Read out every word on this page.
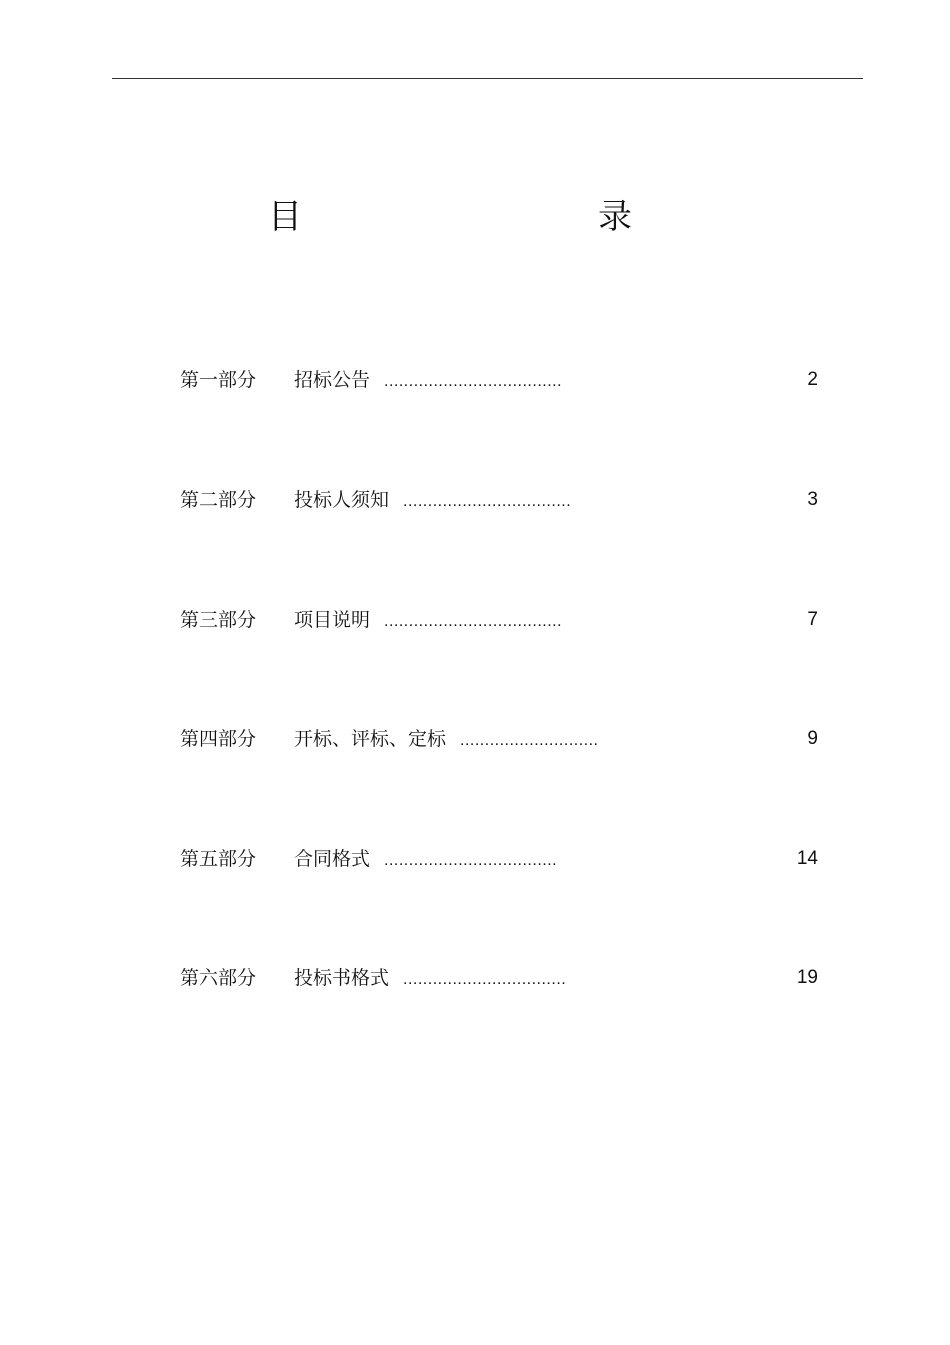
目　　录
第一部分 招标公告 ....................................	2
第二部分 投标人须知 ..................................	3
第三部分 项目说明 ....................................	7
第四部分 开标、评标、定标 ............................	9
第五部分 合同格式 ...................................	14
第六部分 投标书格式 .................................	19
